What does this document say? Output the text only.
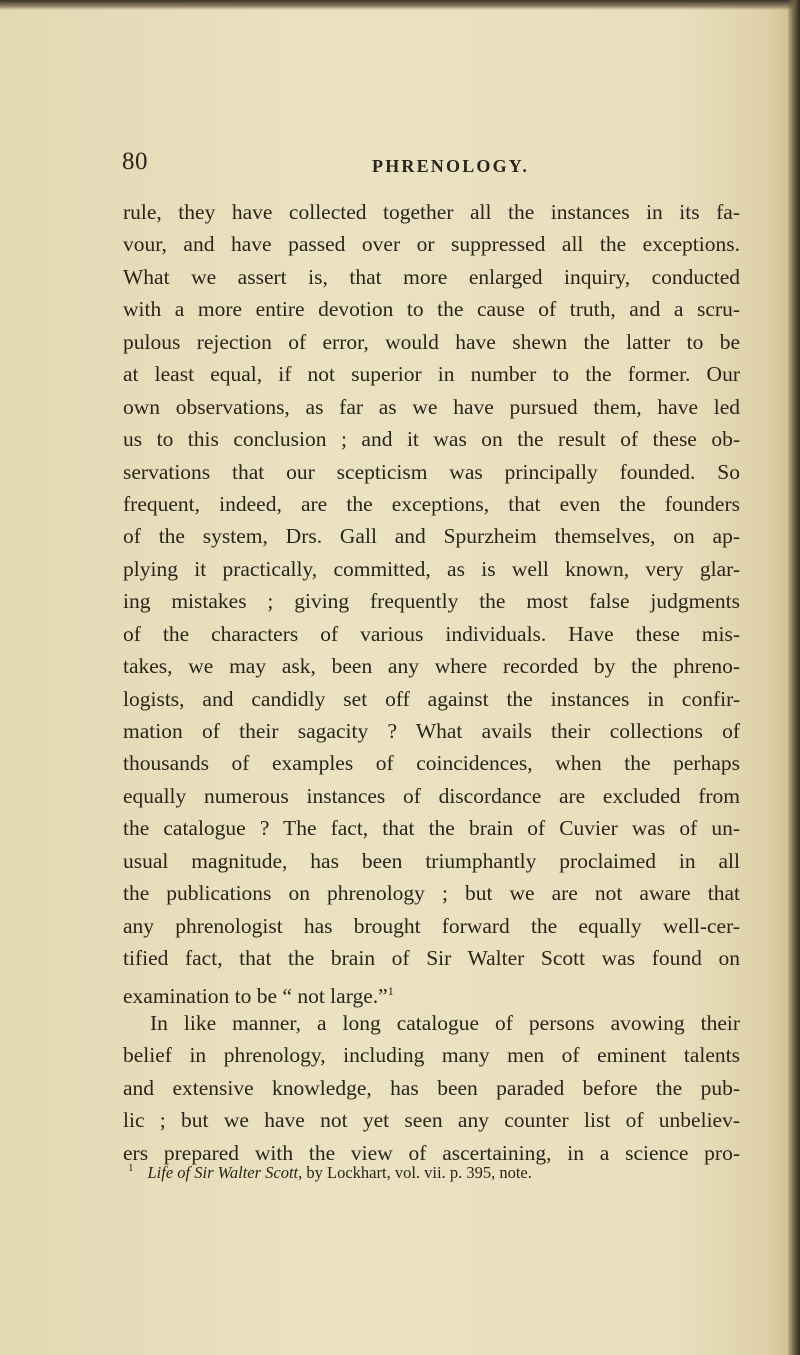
80	PHRENOLOGY.
rule, they have collected together all the instances in its fa-
vour, and have passed over or suppressed all the exceptions.
What we assert is, that more enlarged inquiry, conducted
with a more entire devotion to the cause of truth, and a scru-
pulous rejection of error, would have shewn the latter to be
at least equal, if not superior in number to the former. Our
own observations, as far as we have pursued them, have led
us to this conclusion ; and it was on the result of these ob-
servations that our scepticism was principally founded. So
frequent, indeed, are the exceptions, that even the founders
of the system, Drs. Gall and Spurzheim themselves, on ap-
plying it practically, committed, as is well known, very glar-
ing mistakes ; giving frequently the most false judgments
of the characters of various individuals. Have these mis-
takes, we may ask, been any where recorded by the phreno-
logists, and candidly set off against the instances in confir-
mation of their sagacity ? What avails their collections of
thousands of examples of coincidences, when the perhaps
equally numerous instances of discordance are excluded from
the catalogue ? The fact, that the brain of Cuvier was of un-
usual magnitude, has been triumphantly proclaimed in all
the publications on phrenology ; but we are not aware that
any phrenologist has brought forward the equally well-cer-
tified fact, that the brain of Sir Walter Scott was found on
examination to be “ not large.”$^1$
In like manner, a long catalogue of persons avowing their
belief in phrenology, including many men of eminent talents
and extensive knowledge, has been paraded before the pub-
lic ; but we have not yet seen any counter list of unbeliev-
ers prepared with the view of ascertaining, in a science pro-
$^1$ Life of Sir Walter Scott, by Lockhart, vol. vii. p. 395, note.
